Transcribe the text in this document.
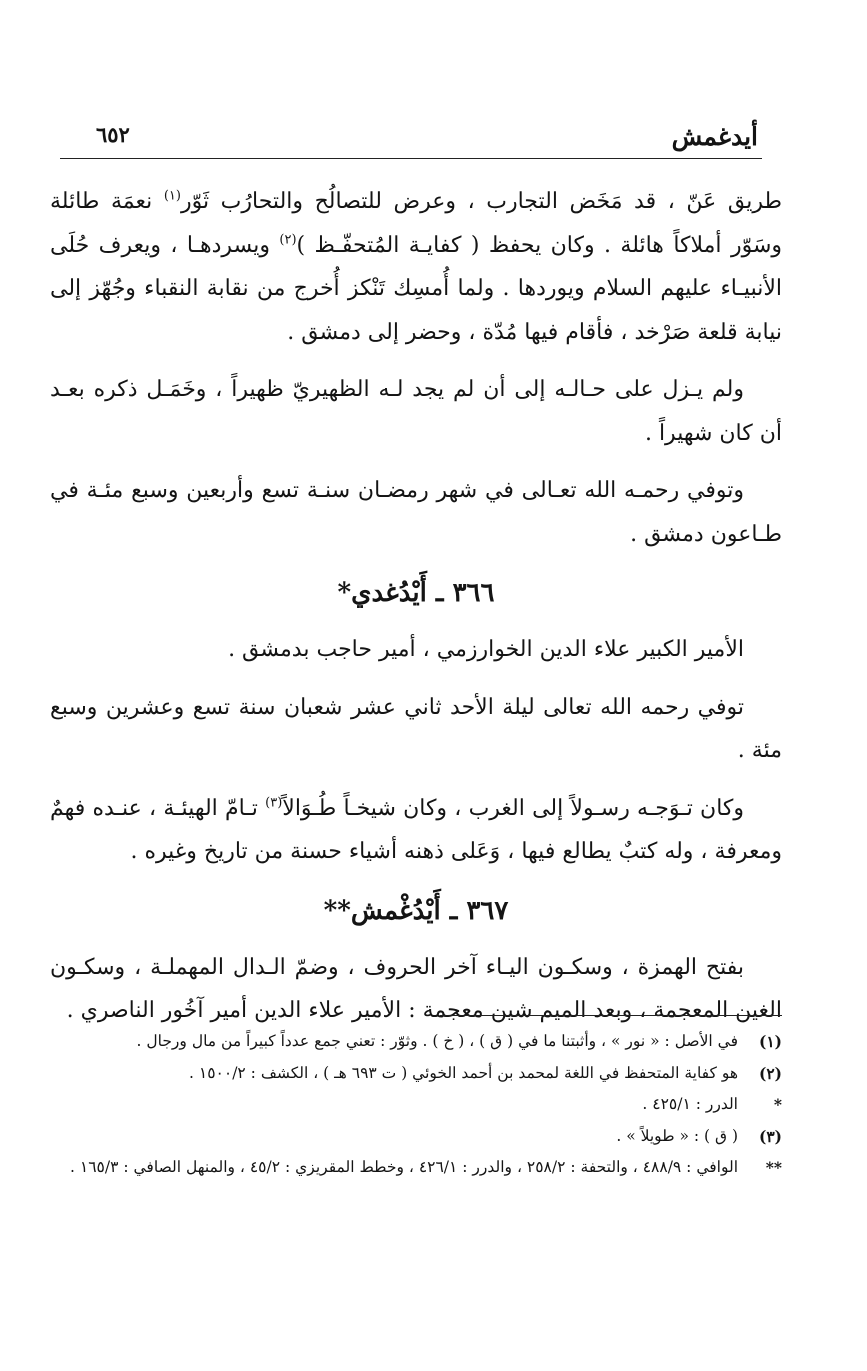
أيدغمش
٦٥٢

طريق عَنّ ، قد مَخَض التجارب ، وعرض للتصالُح والتحارُب ثَوّر$^{(١)}$ نعمَة طائلة وسَوّر أملاكاً هائلة . وكان يحفظ ( كفايـة المُتحفّـظ )$^{(٢)}$ ويسردهـا ، ويعرف حُلَى الأنبيـاء عليهم السلام ويوردها . ولما أُمسِك تَنْكز أُخرج من نقابة النقباء وجُهّز إلى نيابة قلعة صَرْخد ، فأقام فيها مُدّة ، وحضر إلى دمشق .

ولم يـزل على حـالـه إلى أن لم يجد لـه الظهيريّ ظهيراً ، وخَمَـل ذكره بعـد أن كان شهيراً .

وتوفي رحمـه الله تعـالى في شهر رمضـان سنـة تسع وأربعين وسبع مئـة في طـاعون دمشق .

٣٦٦ ـ أَيْدُغدي*

الأمير الكبير علاء الدين الخوارزمي ، أمير حاجب بدمشق .

توفي رحمه الله تعالى ليلة الأحد ثاني عشر شعبان سنة تسع وعشرين وسبع مئة .

وكان تـوَجـه رسـولاً إلى الغرب ، وكان شيخـاً طُـوَالاً$^{(٣)}$ تـامّ الهيئـة ، عنـده فهمٌ ومعرفة ، وله كتبٌ يطالع فيها ، وَعَلى ذهنه أشياء حسنة من تاريخ وغيره .

٣٦٧ ـ أَيْدُغْمش**

بفتح الهمزة ، وسكـون اليـاء آخر الحروف ، وضمّ الـدال المهملـة ، وسكـون الغين المعجمة ، وبعد الميم شين معجمة : الأمير علاء الدين أمير آخُور الناصري .

(١)
في الأصل : « نور » ، وأثبتنا ما في ( ق ) ، ( خ ) . وثوّر : تعني جمع عدداً كبيراً من مال ورجال .
(٢)
هو كفاية المتحفظ في اللغة لمحمد بن أحمد الخوئي ( ت ٦٩٣ هـ ) ، الكشف : ١٥٠٠/٢ .
*
الدرر : ٤٢٥/١ .
(٣)
( ق ) : « طويلاً » .
**
الوافي : ٤٨٨/٩ ، والتحفة : ٢٥٨/٢ ، والدرر : ٤٢٦/١ ، وخطط المقريزي : ٤٥/٢ ، والمنهل الصافي : ١٦٥/٣ .
